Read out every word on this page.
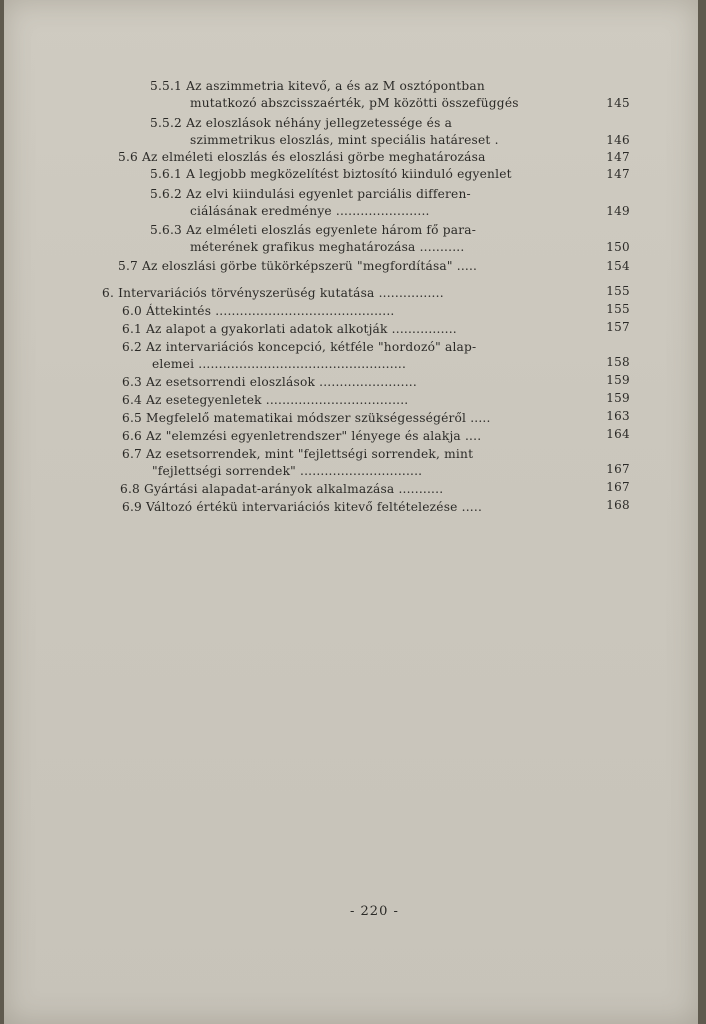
5.5.1 Az aszimmetria kitevő, a és az M osztópontban
mutatkozó abszcisszaérték, pM közötti összefüggés	145
5.5.2 Az eloszlások néhány jellegzetessége és a
szimmetrikus eloszlás, mint speciális határeset .	146
5.6 Az elméleti eloszlás és eloszlási görbe meghatározása	147
5.6.1 A legjobb megközelítést biztosító kiinduló egyenlet	147
5.6.2 Az elvi kiindulási egyenlet parciális differen-
ciálásának eredménye .......................	149
5.6.3 Az elméleti eloszlás egyenlete három fő para-
méterének grafikus meghatározása ...........	150
5.7 Az eloszlási görbe tükörképszerü "megfordítása" .....	154
6. Intervariációs törvényszerüség kutatása ................	155
6.0 Áttekintés ............................................	155
6.1 Az alapot a gyakorlati adatok alkotják ................	157
6.2 Az intervariációs koncepció, kétféle "hordozó" alap-
elemei ...................................................	158
6.3 Az esetsorrendi eloszlások ........................	159
6.4 Az esetegyenletek ...................................	159
6.5 Megfelelő matematikai módszer szükségességéről .....	163
6.6 Az "elemzési egyenletrendszer" lényege és alakja ....	164
6.7 Az esetsorrendek, mint "fejlettségi sorrendek, mint
"fejlettségi sorrendek" ..............................	167
6.8 Gyártási alapadat-arányok alkalmazása ...........	167
6.9 Változó értékü intervariációs kitevő feltételezése .....	168
- 220 -
